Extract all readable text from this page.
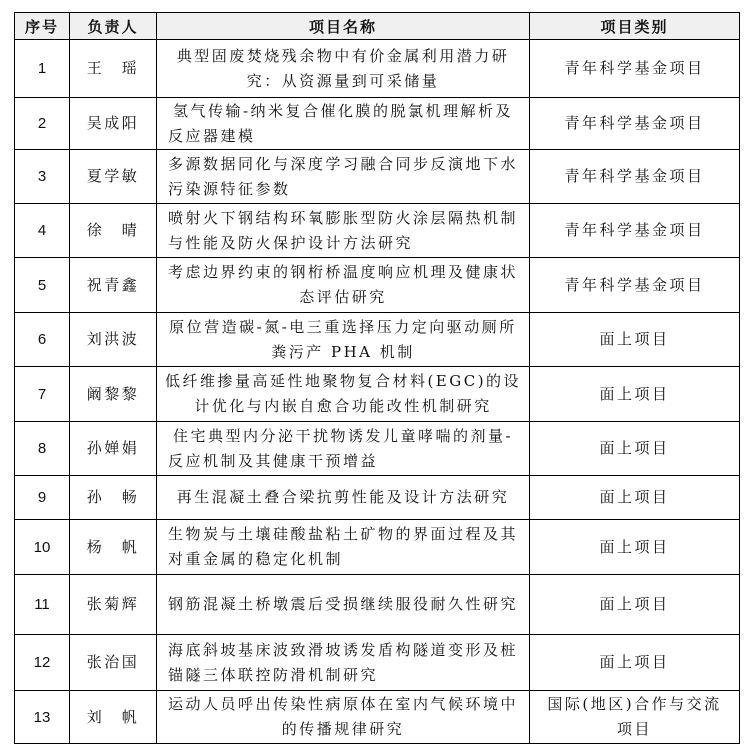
序号	负责人	项目名称	项目类别
1	王　瑶	典型固废焚烧残余物中有价金属利用潜力研
究：从资源量到可采储量	青年科学基金项目

2	吴成阳	氢气传输-纳米复合催化膜的脱氯机理解析及
反应器建模	青年科学基金项目

3	夏学敏	多源数据同化与深度学习融合同步反演地下水
污染源特征参数	青年科学基金项目

4	徐　晴	喷射火下钢结构环氧膨胀型防火涂层隔热机制
与性能及防火保护设计方法研究	青年科学基金项目

5	祝青鑫	考虑边界约束的钢桁桥温度响应机理及健康状
态评估研究	青年科学基金项目

6	刘洪波	原位营造碳-氮-电三重选择压力定向驱动厕所
粪污产 PHA 机制	面上项目

7	阚黎黎	低纤维掺量高延性地聚物复合材料(EGC)的设
计优化与内嵌自愈合功能改性机制研究	面上项目

8	孙婵娟	住宅典型内分泌干扰物诱发儿童哮喘的剂量-
反应机制及其健康干预增益	面上项目

9	孙　畅	再生混凝土叠合梁抗剪性能及设计方法研究	面上项目

10	杨　帆	生物炭与土壤硅酸盐粘土矿物的界面过程及其
对重金属的稳定化机制	面上项目

11	张菊辉	钢筋混凝土桥墩震后受损继续服役耐久性研究	面上项目

12	张治国	海底斜坡基床波致滑坡诱发盾构隧道变形及桩
锚隧三体联控防滑机制研究	面上项目

13	刘　帆	运动人员呼出传染性病原体在室内气候环境中
的传播规律研究	国际(地区)合作与交流
项目
